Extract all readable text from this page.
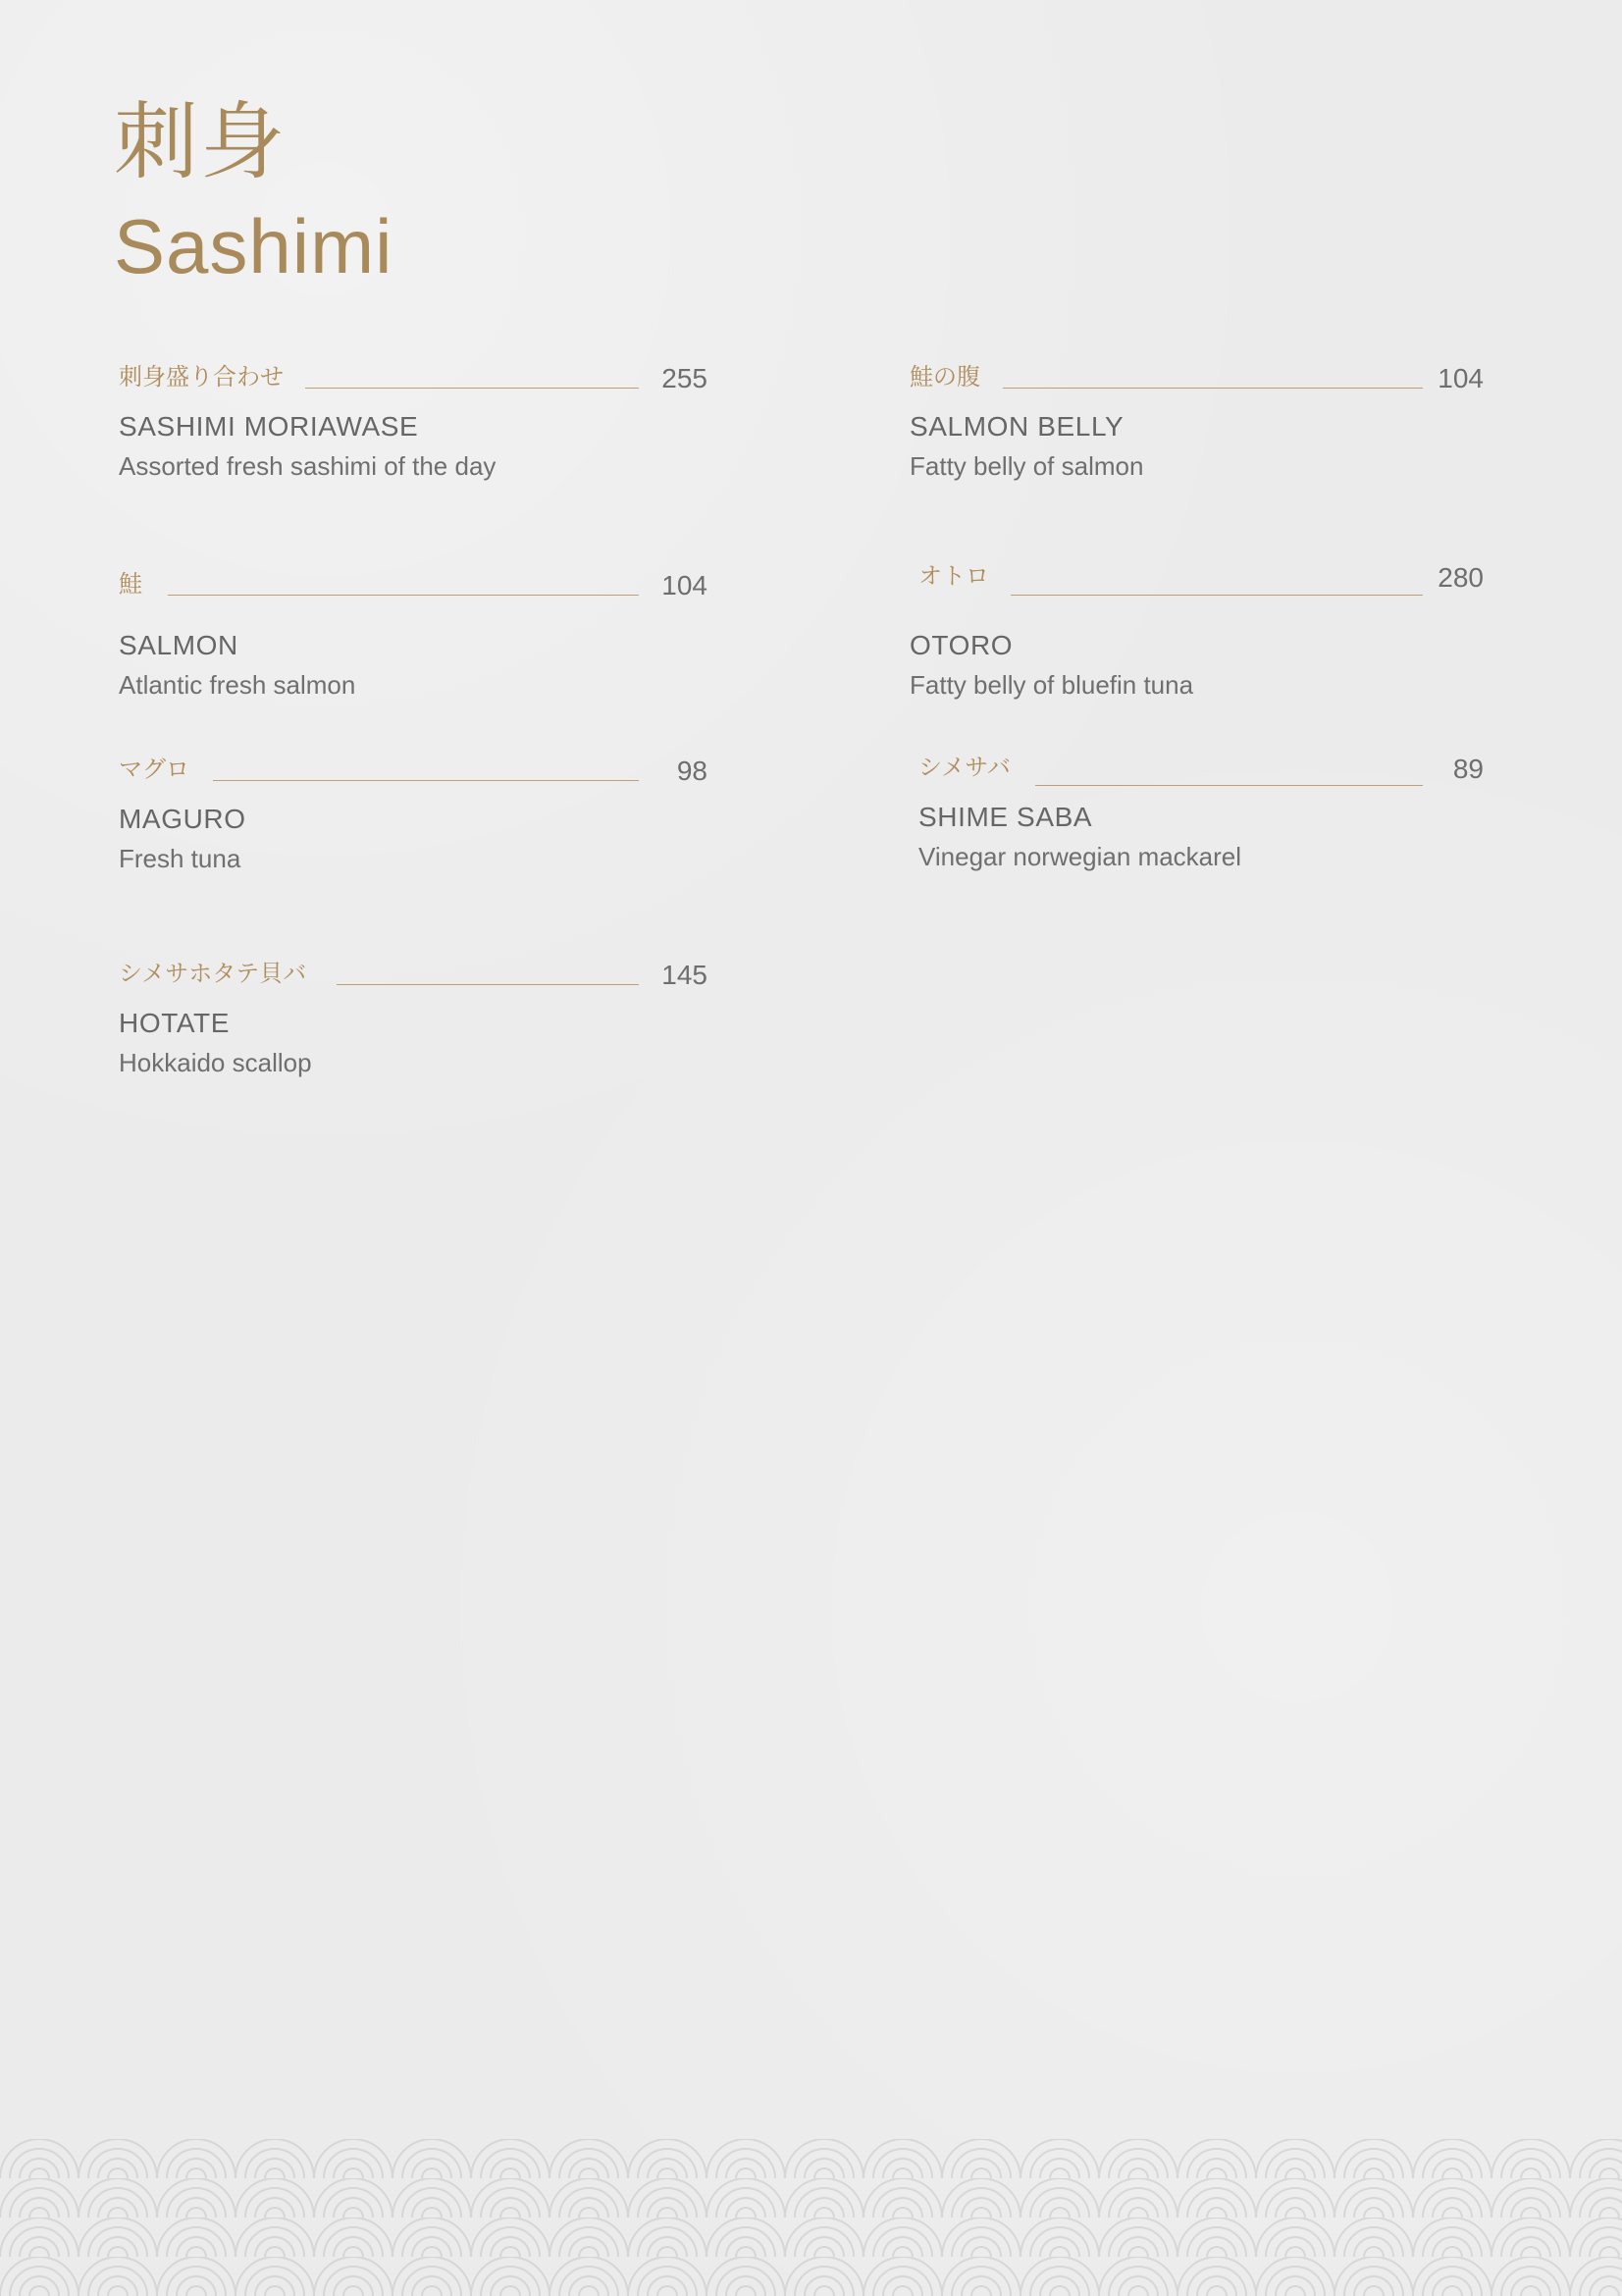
刺身
Sashimi
刺身盛り合わせ	255
SASHIMI MORIAWASE
Assorted fresh sashimi of the day
鮭	104
SALMON
Atlantic fresh salmon
マグロ	98
MAGURO
Fresh tuna
シメサホタテ貝バ	145
HOTATE
Hokkaido scallop
鮭の腹	104
SALMON BELLY
Fatty belly of salmon
オトロ	280
OTORO
Fatty belly of bluefin tuna
シメサバ	89
SHIME SABA
Vinegar norwegian mackarel
